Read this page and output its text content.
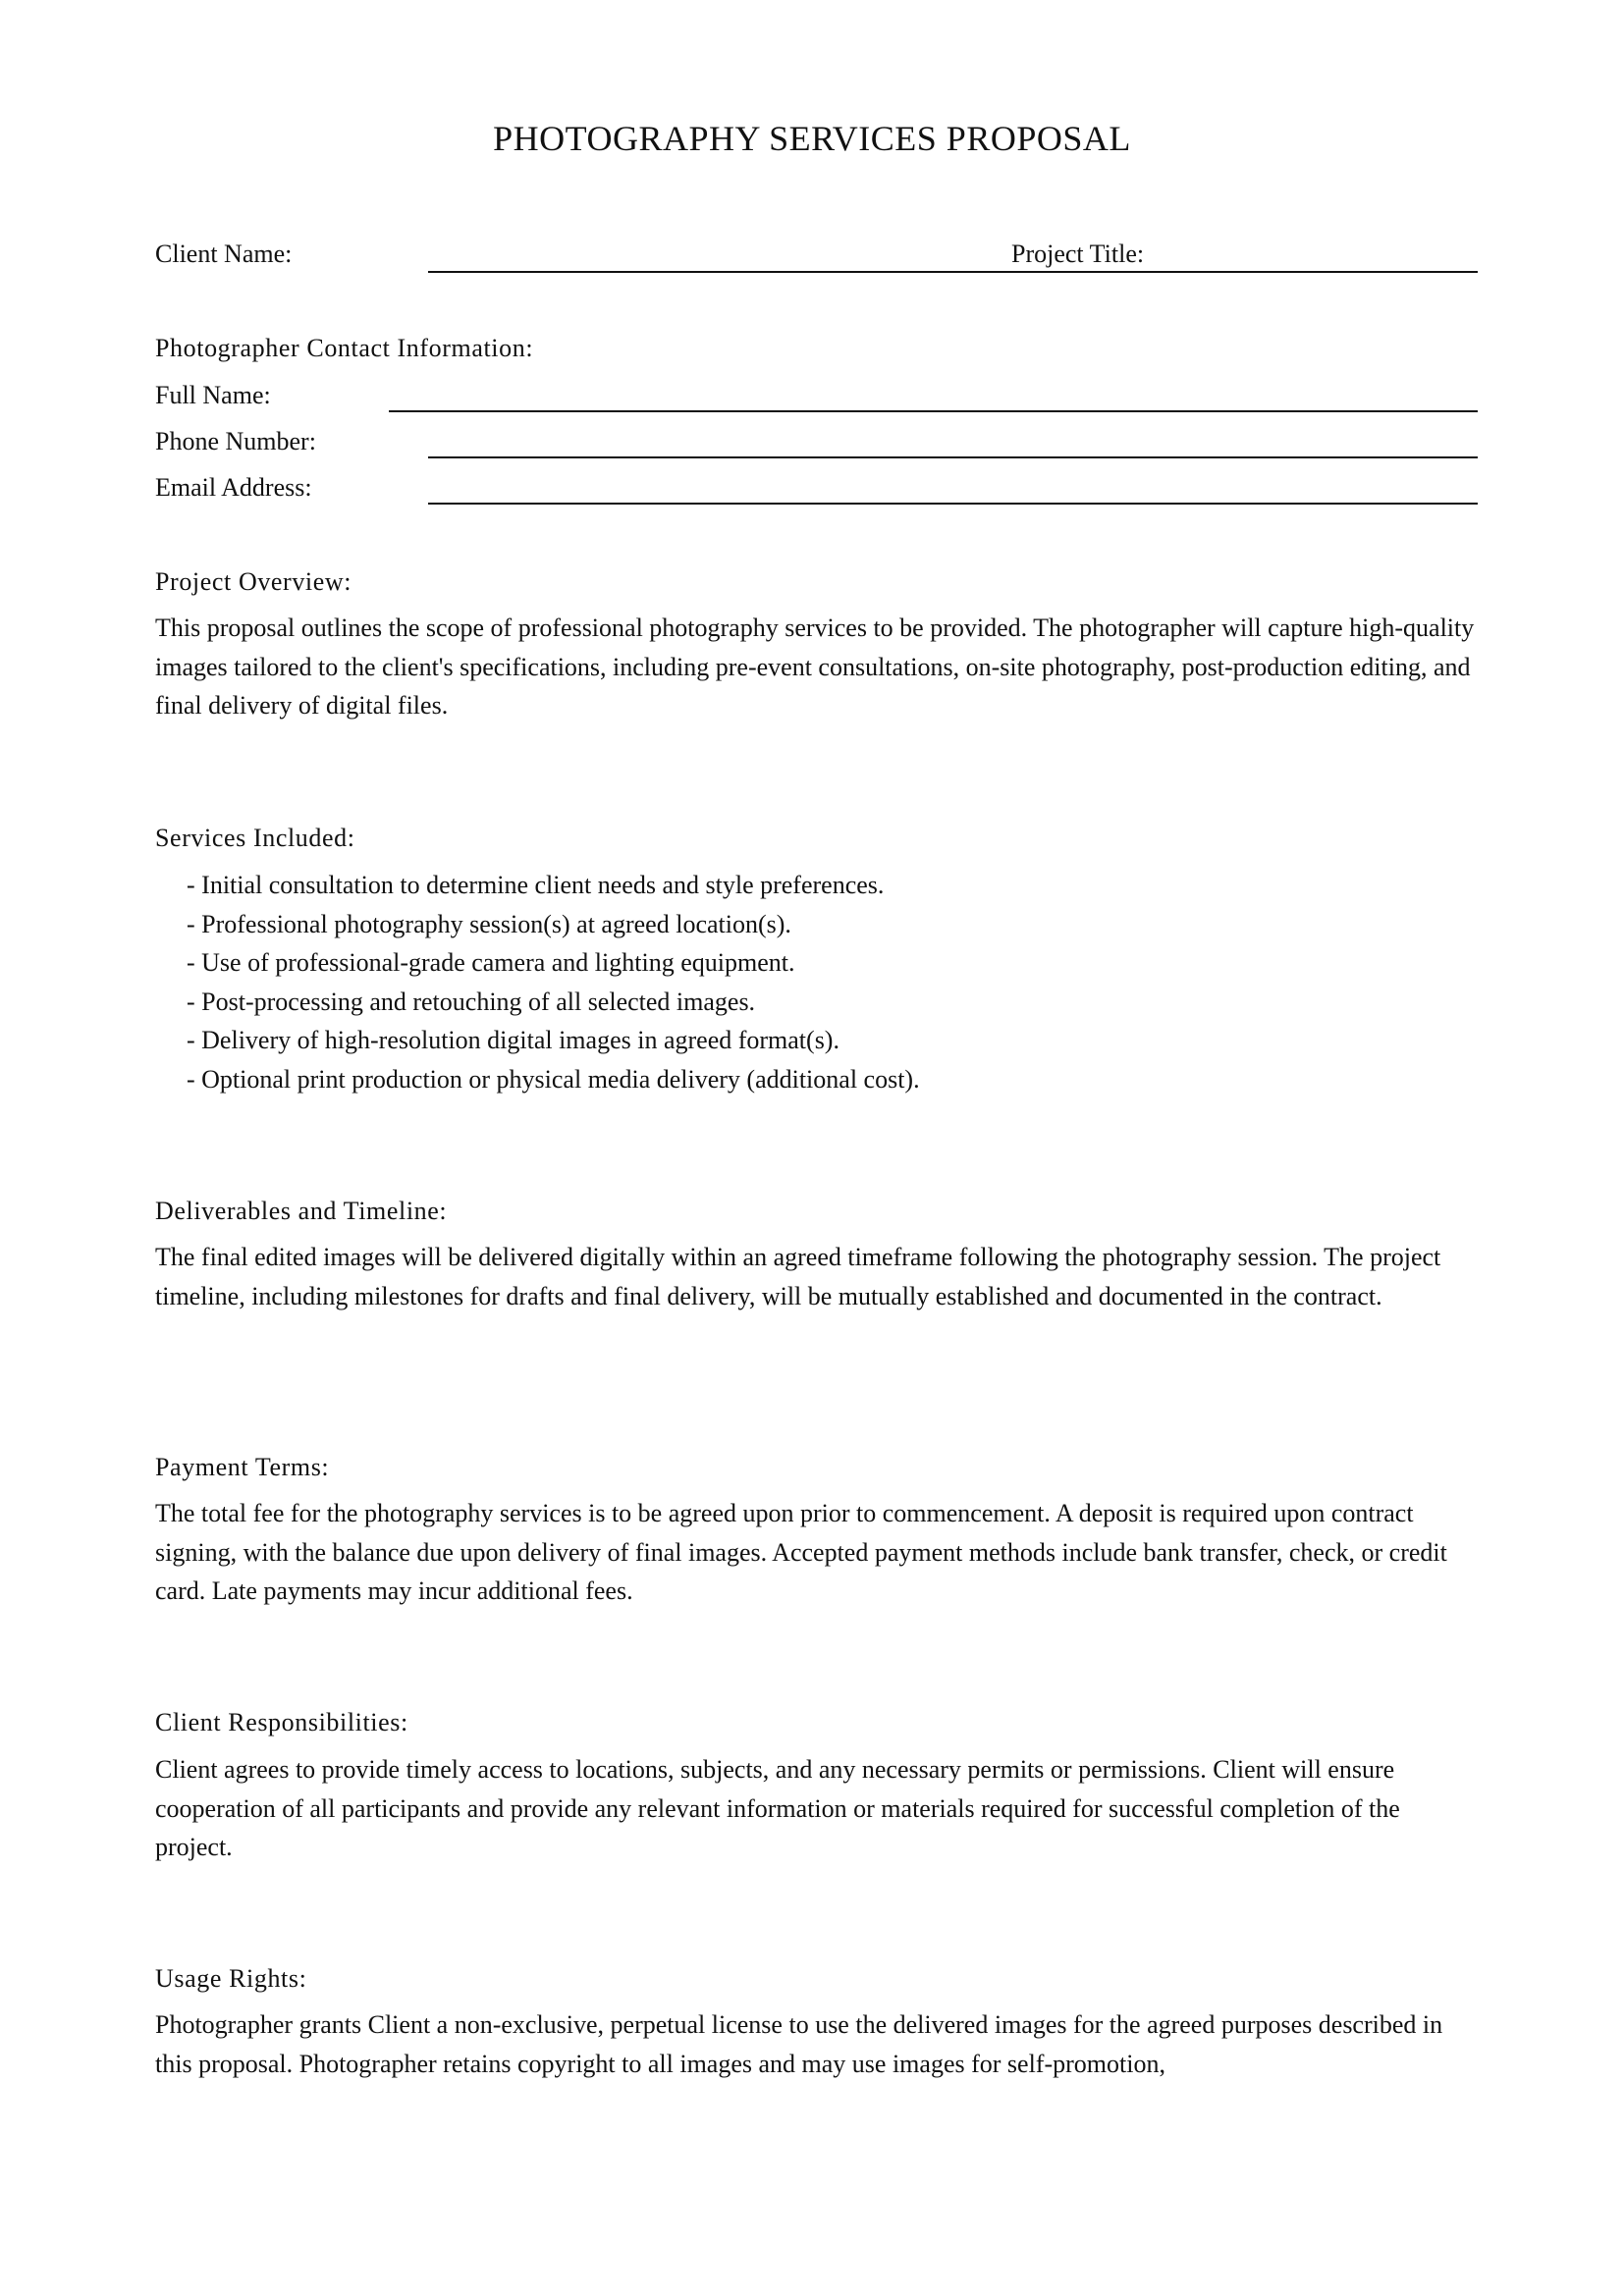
PHOTOGRAPHY SERVICES PROPOSAL
Client Name:	Project Title:
Photographer Contact Information:
Full Name:
Phone Number:
Email Address:
Project Overview:

This proposal outlines the scope of professional photography services to be provided. The photographer will capture high-quality images tailored to the client's specifications, including pre-event consultations, on-site photography, post-production editing, and final delivery of digital files.

Services Included:
- Initial consultation to determine client needs and style preferences.
- Professional photography session(s) at agreed location(s).
- Use of professional-grade camera and lighting equipment.
- Post-processing and retouching of all selected images.
- Delivery of high-resolution digital images in agreed format(s).
- Optional print production or physical media delivery (additional cost).
Deliverables and Timeline:

The final edited images will be delivered digitally within an agreed timeframe following the photography session. The project timeline, including milestones for drafts and final delivery, will be mutually established and documented in the contract.

Payment Terms:

The total fee for the photography services is to be agreed upon prior to commencement. A deposit is required upon contract signing, with the balance due upon delivery of final images. Accepted payment methods include bank transfer, check, or credit card. Late payments may incur additional fees.

Client Responsibilities:

Client agrees to provide timely access to locations, subjects, and any necessary permits or permissions. Client will ensure cooperation of all participants and provide any relevant information or materials required for successful completion of the project.

Usage Rights:

Photographer grants Client a non-exclusive, perpetual license to use the delivered images for the agreed purposes described in this proposal. Photographer retains copyright to all images and may use images for self-promotion,
